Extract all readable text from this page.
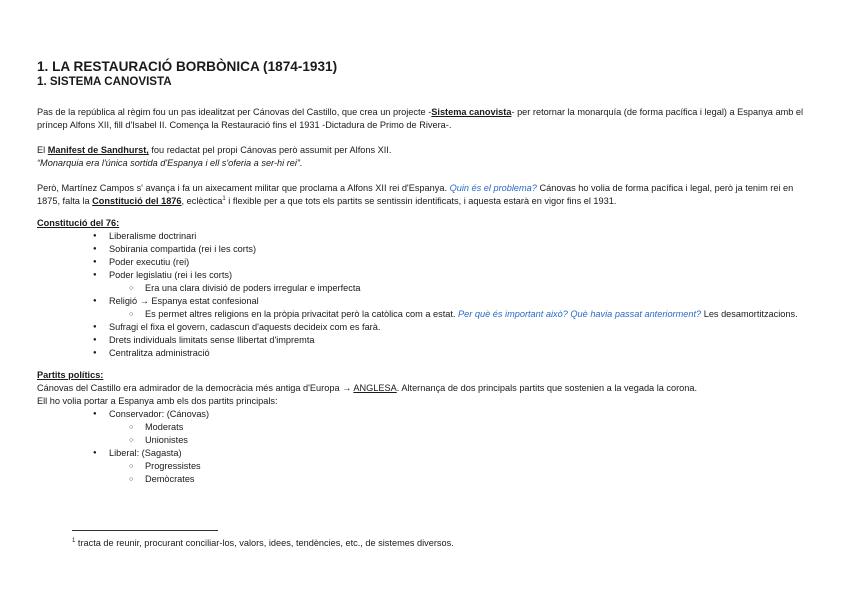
1. LA RESTAURACIÓ BORBÒNICA (1874-1931)
1. SISTEMA CANOVISTA

Pas de la república al règim fou un pas idealitzat per Cánovas del Castillo, que crea un projecte -Sistema canovista- per retornar la monarquía (de forma pacífica i legal) a Espanya amb el príncep Alfons XII, fill d'Isabel II. Comença la Restauració fins el 1931 -Dictadura de Primo de Rivera-.

El Manifest de Sandhurst, fou redactat pel propi Cánovas però assumit per Alfons XII.

“Monarquia era l'única sortida d'Espanya i ell s'oferia a ser-hi rei”.

Però, Martínez Campos s' avança i fa un aixecament militar que proclama a Alfons XII rei d'Espanya. Quin és el problema? Cánovas ho volia de forma pacífica i legal, però ja tenim rei en 1875, falta la Constitució del 1876, eclèctica$^1$ i flexible per a que tots els partits se sentissin identificats, i aquesta estarà en vigor fins el 1931.

Constitució del 76:

● Liberalisme doctrinari
● Sobirania compartida (rei i les corts)
● Poder executiu (rei)
● Poder legislatiu (rei i les corts)
○ Era una clara divisió de poders irregular e imperfecta
● Religió → Espanya estat confesional
○ Es permet altres religions en la pròpia privacitat però la catòlica com a estat. Per què és important això? Què havia passat anteriorment? Les desamortitzacions.
● Sufragi el fixa el govern, cadascun d'aquests decideix com es farà.
● Drets individuals limitats sense llibertat d'impremta
● Centralitza administració

Partits polítics:

Cánovas del Castillo era admirador de la democràcia més antiga d'Europa → ANGLESA. Alternança de dos principals partits que sostenien a la vegada la corona.

Ell ho volia portar a Espanya amb els dos partits principals:

● Conservador: (Cánovas)
○ Moderats
○ Unionistes
● Liberal: (Sagasta)
○ Progressistes
○ Demòcrates

$^1$ tracta de reunir, procurant conciliar-los, valors, idees, tendències, etc., de sistemes diversos.
